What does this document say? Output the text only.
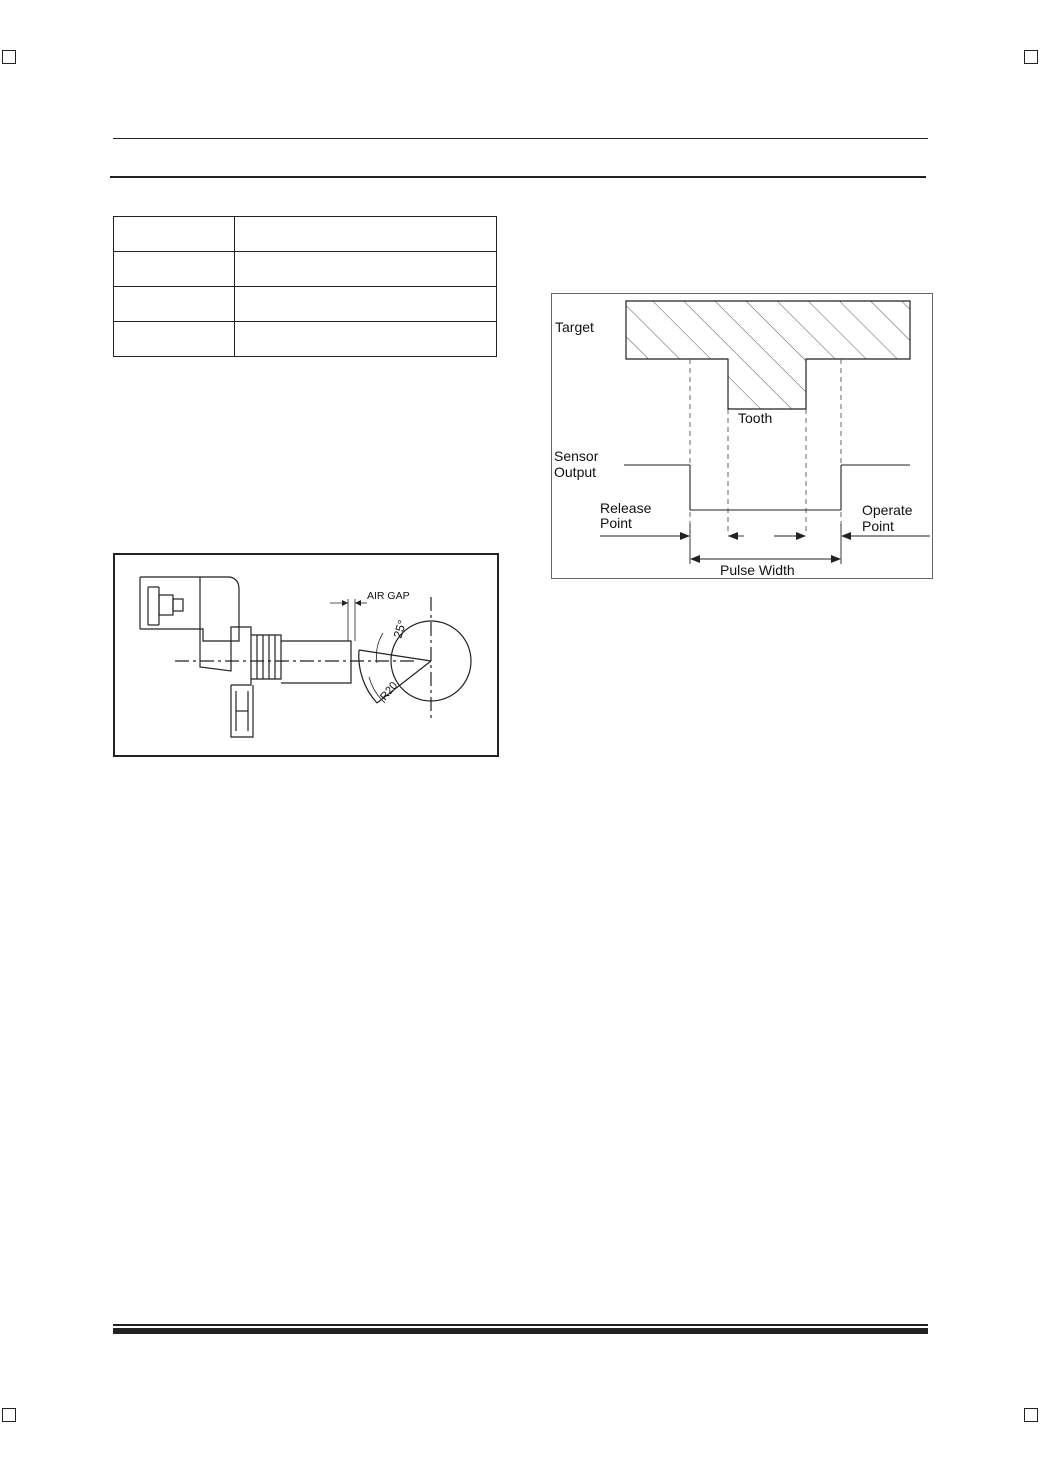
AIR GAP
25°
R20
Target
Tooth
Sensor
Output
Release
Point
Operate
Point
Pulse Width
